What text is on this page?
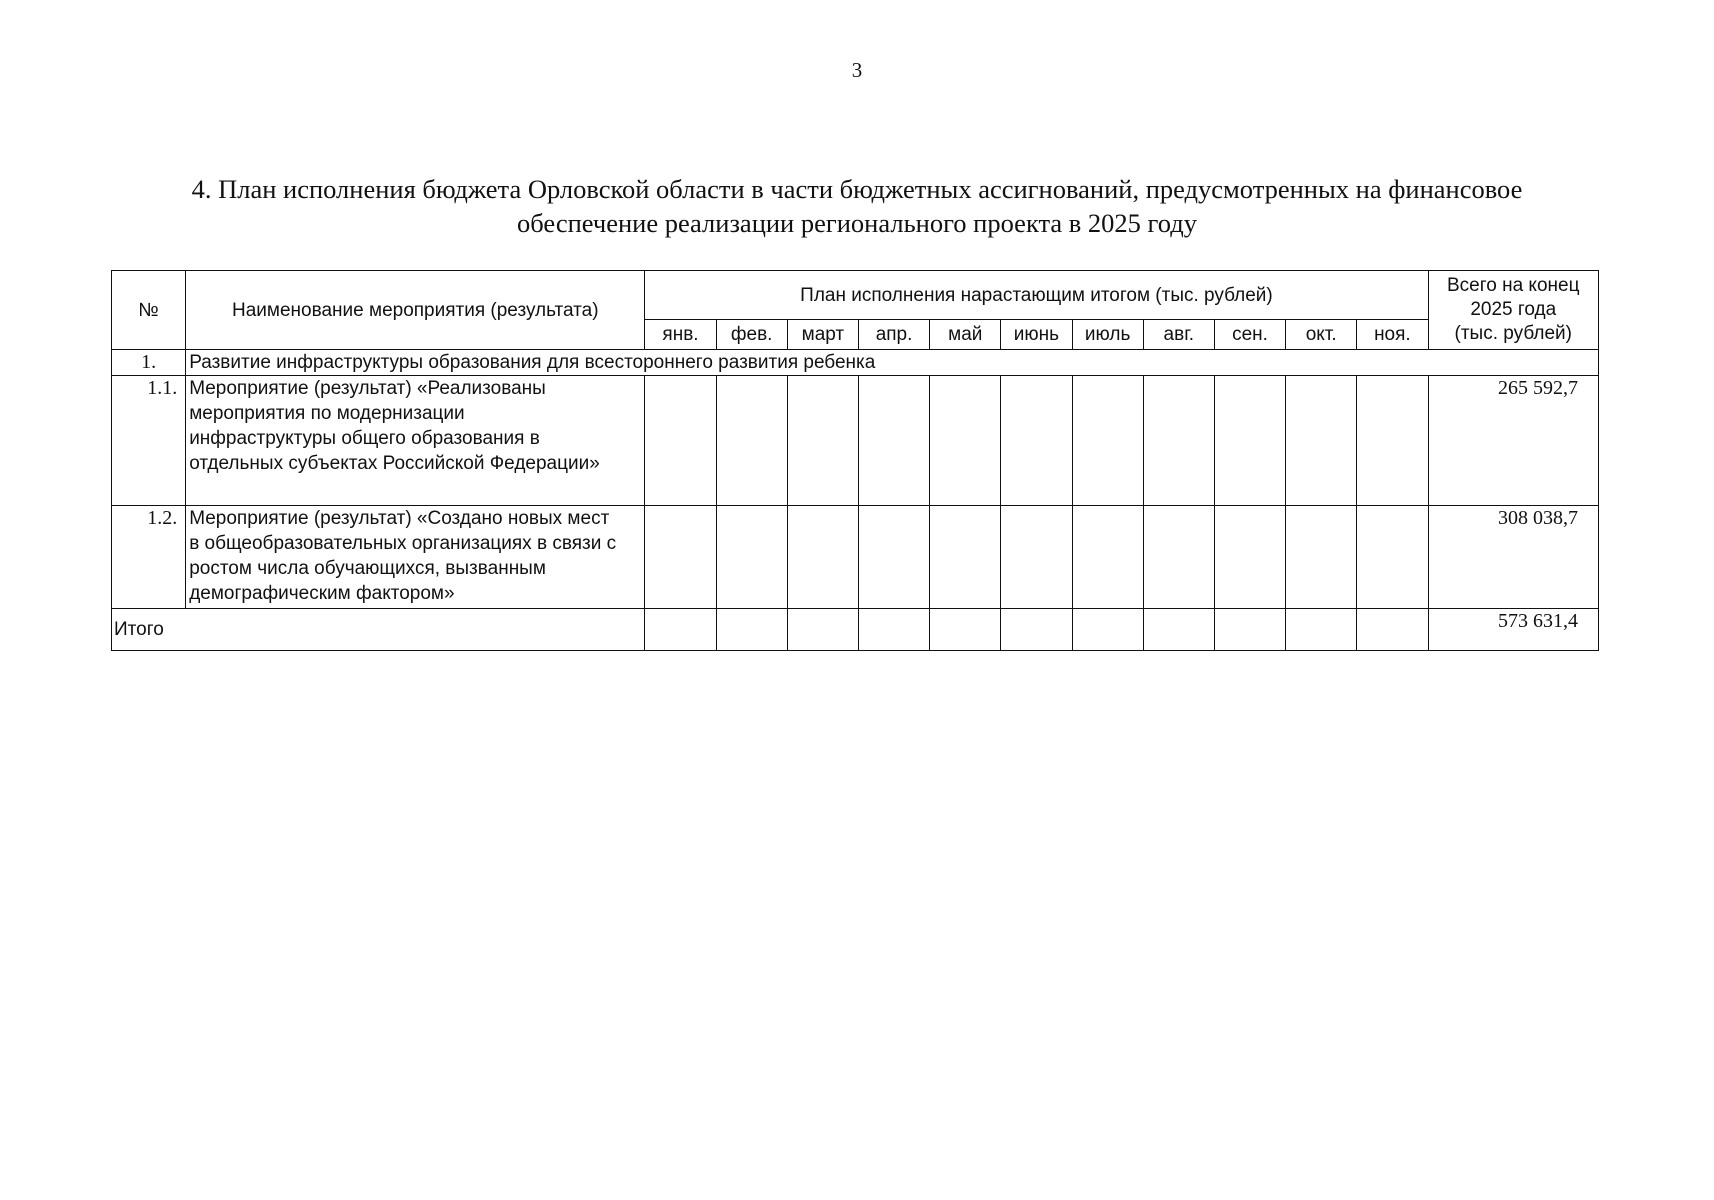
3
4. План исполнения бюджета Орловской области в части бюджетных ассигнований, предусмотренных на финансовое
обеспечение реализации регионального проекта в 2025 году
№	Наименование мероприятия (результата)	План исполнения нарастающим итогом (тыс. рублей)											Всего на конец
2025 года
(тыс. рублей)

		янв.	фев.	март	апр.	май	июнь	июль	авг.	сен.	окт.	ноя.	
1.	Развитие инфраструктуры образования для всестороннего развития ребенка												
1.1.	Мероприятие (результат) «Реализованы
мероприятия по модернизации
инфраструктуры общего образования в
отдельных субъектах Российской Федерации»												265 592,7
1.2.	Мероприятие (результат) «Создано новых мест
в общеобразовательных организациях в связи с
ростом числа обучающихся, вызванным
демографическим фактором»												308 038,7
Итого													573 631,4
